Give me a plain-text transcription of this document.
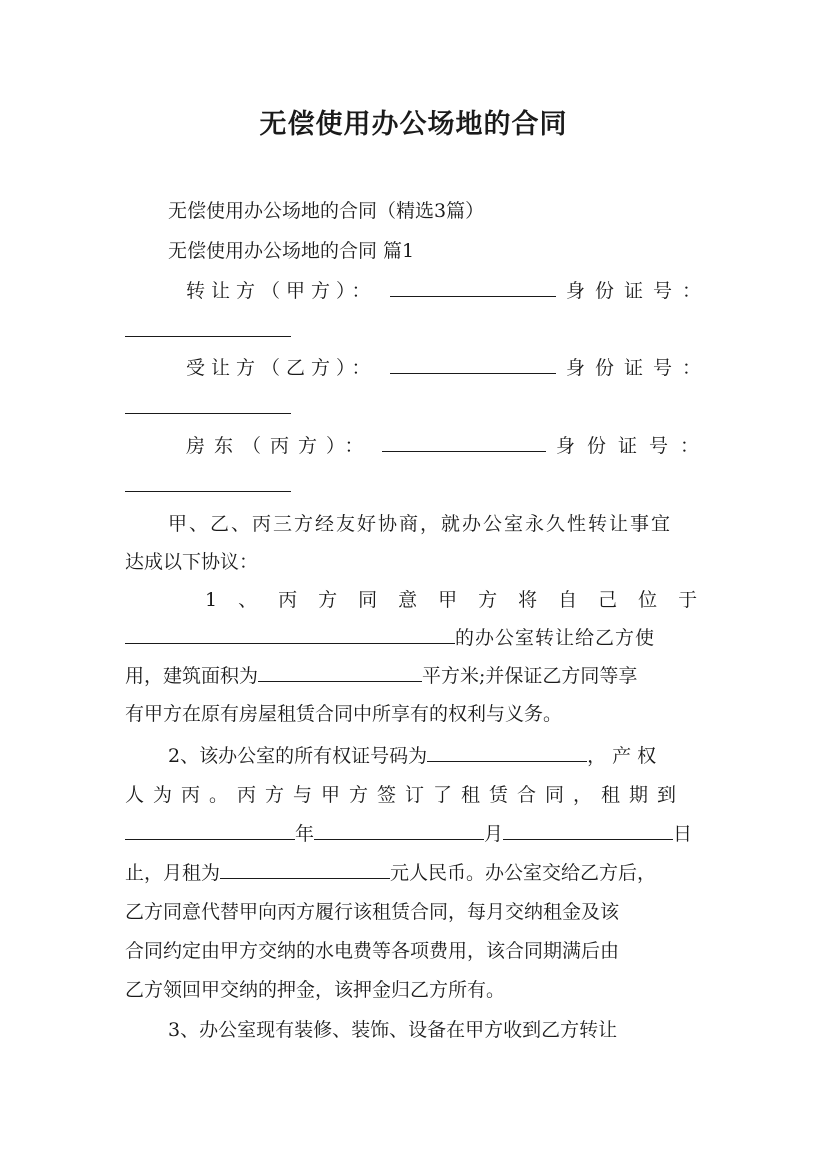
无偿使用办公场地的合同
无偿使用办公场地的合同（精选3篇）
无偿使用办公场地的合同 篇1
转让方（甲方）：	身份证号：
受让方（乙方）：	身份证号：
房东（丙方）：	身份证号：
甲、乙、丙三方经友好协商，就办公室永久性转让事宜
达成以下协议：
1、丙方同意甲方将自己位于
的办公室转让给乙方使
用，建筑面积为	平方米;并保证乙方同等享
有甲方在原有房屋租赁合同中所享有的权利与义务。
2、该办公室的所有权证号码为	，产权
人为丙。丙方与甲方签订了租赁合同，租期到
年	月	日
止，月租为	元人民币。办公室交给乙方后，
乙方同意代替甲向丙方履行该租赁合同，每月交纳租金及该
合同约定由甲方交纳的水电费等各项费用，该合同期满后由
乙方领回甲交纳的押金，该押金归乙方所有。
3、办公室现有装修、装饰、设备在甲方收到乙方转让
